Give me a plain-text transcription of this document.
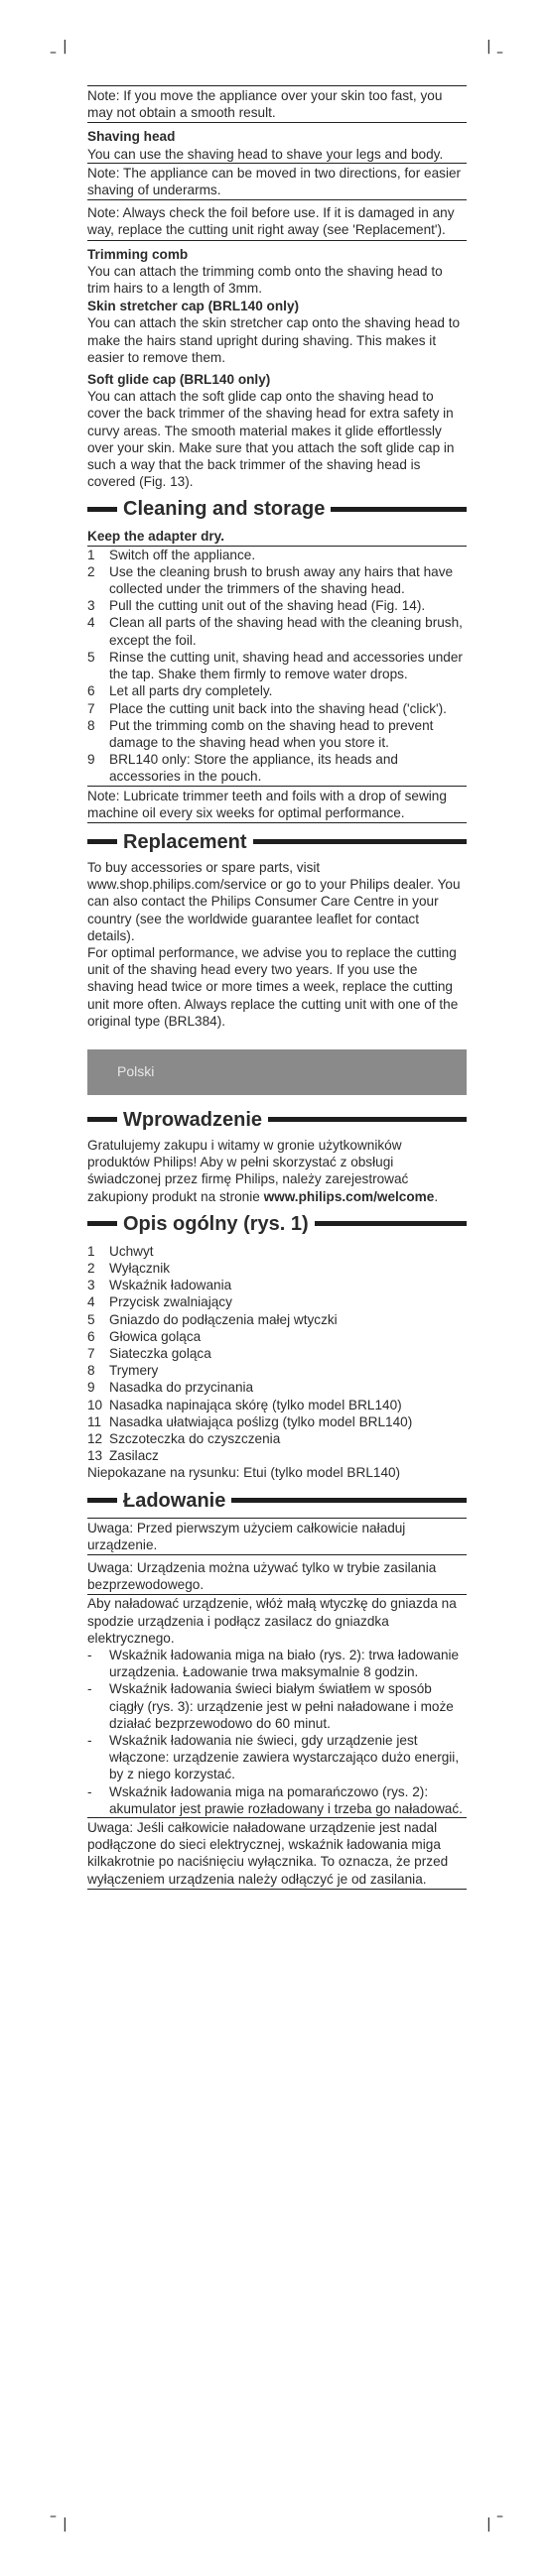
– |	| –
– |	| –

Note: If you move the appliance over your skin too fast, you may not obtain a smooth result.

Shaving head

You can use the shaving head to shave your legs and body.

Note: The appliance can be moved in two directions, for easier shaving of underarms.

Note: Always check the foil before use. If it is damaged in any way, replace the cutting unit right away (see 'Replacement').

Trimming comb

You can attach the trimming comb onto the shaving head to trim hairs to a length of 3mm.

Skin stretcher cap (BRL140 only)

You can attach the skin stretcher cap onto the shaving head to make the hairs stand upright during shaving. This makes it easier to remove them.

Soft glide cap (BRL140 only)

You can attach the soft glide cap onto the shaving head to cover the back trimmer of the shaving head for extra safety in curvy areas. The smooth material makes it glide effortlessly over your skin. Make sure that you attach the soft glide cap in such a way that the back trimmer of the shaving head is covered (Fig. 13).

Cleaning and storage

Keep the adapter dry.

1	Switch off the appliance.
2	Use the cleaning brush to brush away any hairs that have collected under the trimmers of the shaving head.
3	Pull the cutting unit out of the shaving head (Fig. 14).
4	Clean all parts of the shaving head with the cleaning brush, except the foil.
5	Rinse the cutting unit, shaving head and accessories under the tap. Shake them firmly to remove water drops.
6	Let all parts dry completely.
7	Place the cutting unit back into the shaving head ('click').
8	Put the trimming comb on the shaving head to prevent damage to the shaving head when you store it.
9	BRL140 only: Store the appliance, its heads and accessories in the pouch.

Note: Lubricate trimmer teeth and foils with a drop of sewing machine oil every six weeks for optimal performance.

Replacement

To buy accessories or spare parts, visit www.shop.philips.com/service or go to your Philips dealer. You can also contact the Philips Consumer Care Centre in your country (see the worldwide guarantee leaflet for contact details).

For optimal performance, we advise you to replace the cutting unit of the shaving head every two years. If you use the shaving head twice or more times a week, replace the cutting unit more often. Always replace the cutting unit with one of the original type (BRL384).

Polski
Wprowadzenie

Gratulujemy zakupu i witamy w gronie użytkowników produktów Philips! Aby w pełni skorzystać z obsługi świadczonej przez firmę Philips, należy zarejestrować zakupiony produkt na stronie www.philips.com/welcome.

Opis ogólny (rys. 1)
1	Uchwyt
2	Wyłącznik
3	Wskaźnik ładowania
4	Przycisk zwalniający
5	Gniazdo do podłączenia małej wtyczki
6	Głowica goląca
7	Siateczka goląca
8	Trymery
9	Nasadka do przycinania
10 Nasadka napinająca skórę (tylko model BRL140)
11 Nasadka ułatwiająca poślizg (tylko model BRL140)
12 Szczoteczka do czyszczenia
13 Zasilacz

Niepokazane na rysunku: Etui (tylko model BRL140)

Ładowanie

Uwaga: Przed pierwszym użyciem całkowicie naładuj urządzenie.

Uwaga: Urządzenia można używać tylko w trybie zasilania bezprzewodowego.

Aby naładować urządzenie, włóż małą wtyczkę do gniazda na spodzie urządzenia i podłącz zasilacz do gniazdka elektrycznego.

-	Wskaźnik ładowania miga na biało (rys. 2): trwa ładowanie urządzenia. Ładowanie trwa maksymalnie 8 godzin.
-	Wskaźnik ładowania świeci białym światłem w sposób ciągły (rys. 3): urządzenie jest w pełni naładowane i może działać bezprzewodowo do 60 minut.
-	Wskaźnik ładowania nie świeci, gdy urządzenie jest włączone: urządzenie zawiera wystarczająco dużo energii, by z niego korzystać.
-	Wskaźnik ładowania miga na pomarańczowo (rys. 2): akumulator jest prawie rozładowany i trzeba go naładować.

Uwaga: Jeśli całkowicie naładowane urządzenie jest nadal podłączone do sieci elektrycznej, wskaźnik ładowania miga kilkakrotnie po naciśnięciu wyłącznika. To oznacza, że przed wyłączeniem urządzenia należy odłączyć je od zasilania.
